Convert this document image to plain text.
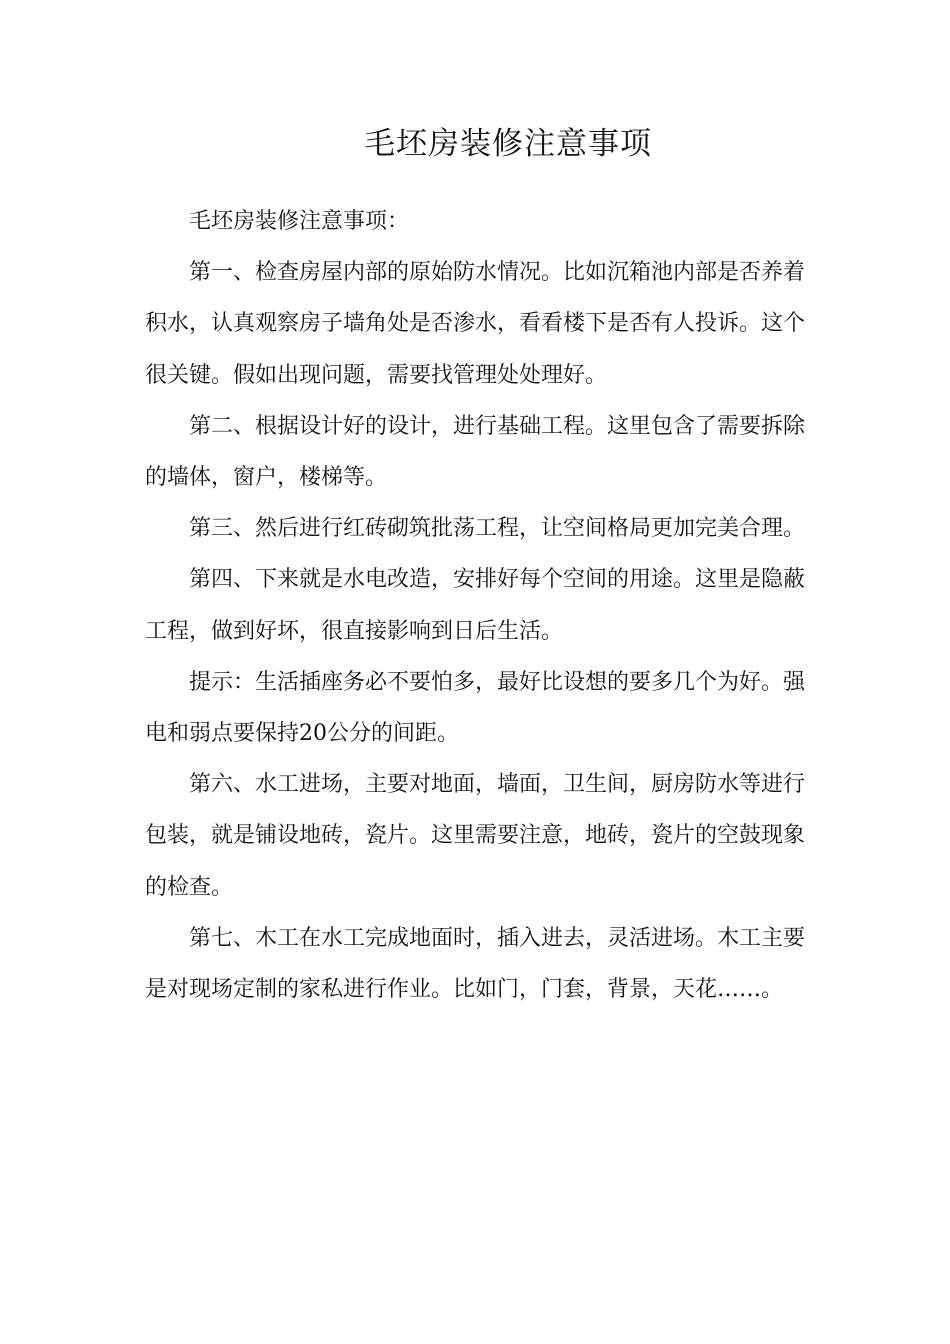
毛坯房装修注意事项

毛坯房装修注意事项：

第一、检查房屋内部的原始防水情况。比如沉箱池内部是否养着积水，认真观察房子墙角处是否渗水，看看楼下是否有人投诉。这个很关键。假如出现问题，需要找管理处处理好。

第二、根据设计好的设计，进行基础工程。这里包含了需要拆除的墙体，窗户，楼梯等。

第三、然后进行红砖砌筑批荡工程，让空间格局更加完美合理。

第四、下来就是水电改造，安排好每个空间的用途。这里是隐蔽工程，做到好坏，很直接影响到日后生活。

提示：生活插座务必不要怕多，最好比设想的要多几个为好。强电和弱点要保持20公分的间距。

第六、水工进场，主要对地面，墙面，卫生间，厨房防水等进行包装，就是铺设地砖，瓷片。这里需要注意，地砖，瓷片的空鼓现象的检查。

第七、木工在水工完成地面时，插入进去，灵活进场。木工主要是对现场定制的家私进行作业。比如门，门套，背景，天花……。
